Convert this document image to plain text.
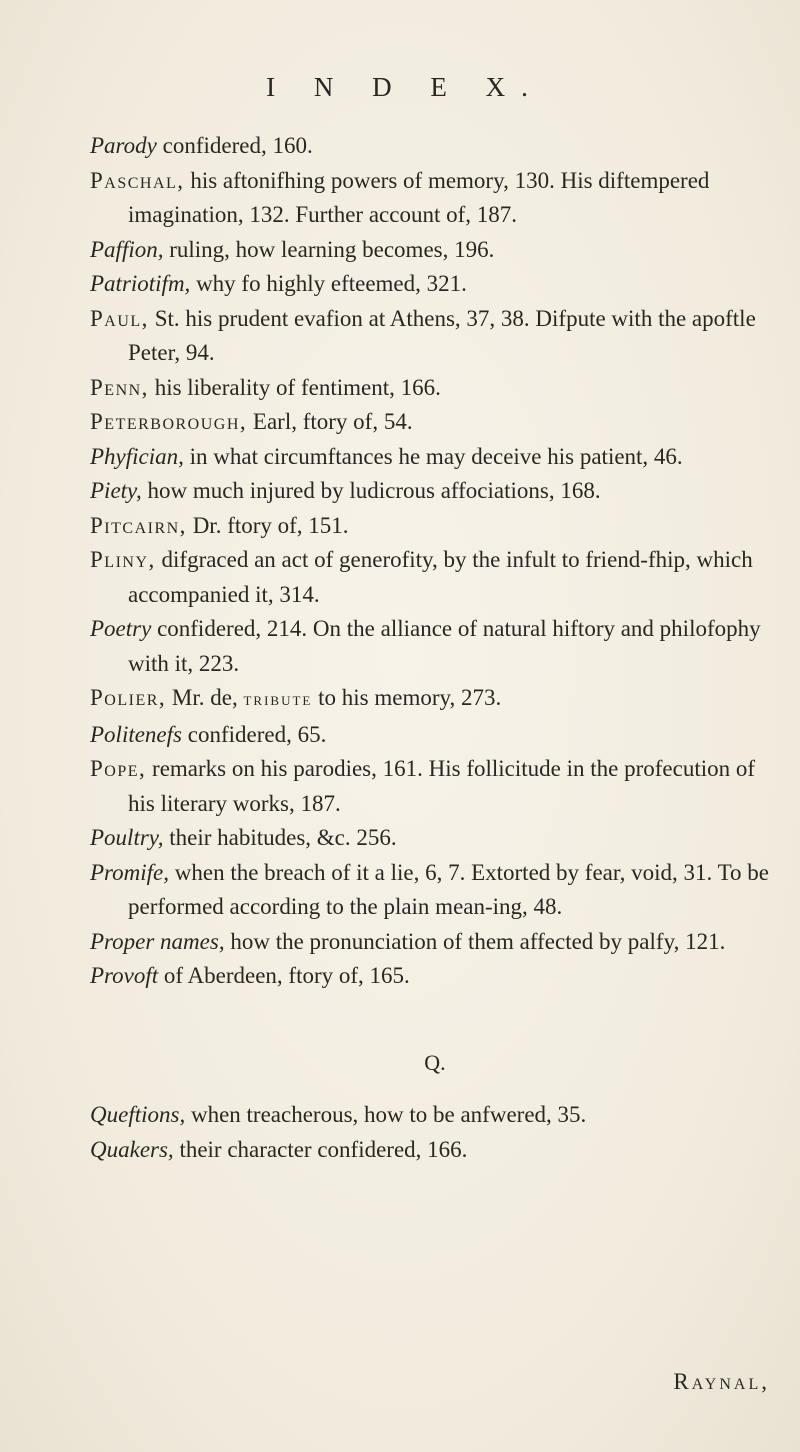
I N D E X.

Parody confidered, 160.

Paschal, his aftonifhing powers of memory, 130. His diftempered imagination, 132. Further account of, 187.

Paffion, ruling, how learning becomes, 196.

Patriotifm, why fo highly efteemed, 321.

Paul, St. his prudent evafion at Athens, 37, 38. Difpute with the apoftle Peter, 94.

Penn, his liberality of fentiment, 166.

Peterborough, Earl, ftory of, 54.

Phyfician, in what circumftances he may deceive his patient, 46.

Piety, how much injured by ludicrous affociations, 168.

Pitcairn, Dr. ftory of, 151.

Pliny, difgraced an act of generofity, by the infult to friend-fhip, which accompanied it, 314.

Poetry confidered, 214. On the alliance of natural hiftory and philofophy with it, 223.

Polier, Mr. de, tribute to his memory, 273.

Politenefs confidered, 65.

Pope, remarks on his parodies, 161. His follicitude in the profecution of his literary works, 187.

Poultry, their habitudes, &c. 256.

Promife, when the breach of it a lie, 6, 7. Extorted by fear, void, 31. To be performed according to the plain mean-ing, 48.

Proper names, how the pronunciation of them affected by palfy, 121.

Provoft of Aberdeen, ftory of, 165.

Q.

Queftions, when treacherous, how to be anfwered, 35.

Quakers, their character confidered, 166.

Raynal,
